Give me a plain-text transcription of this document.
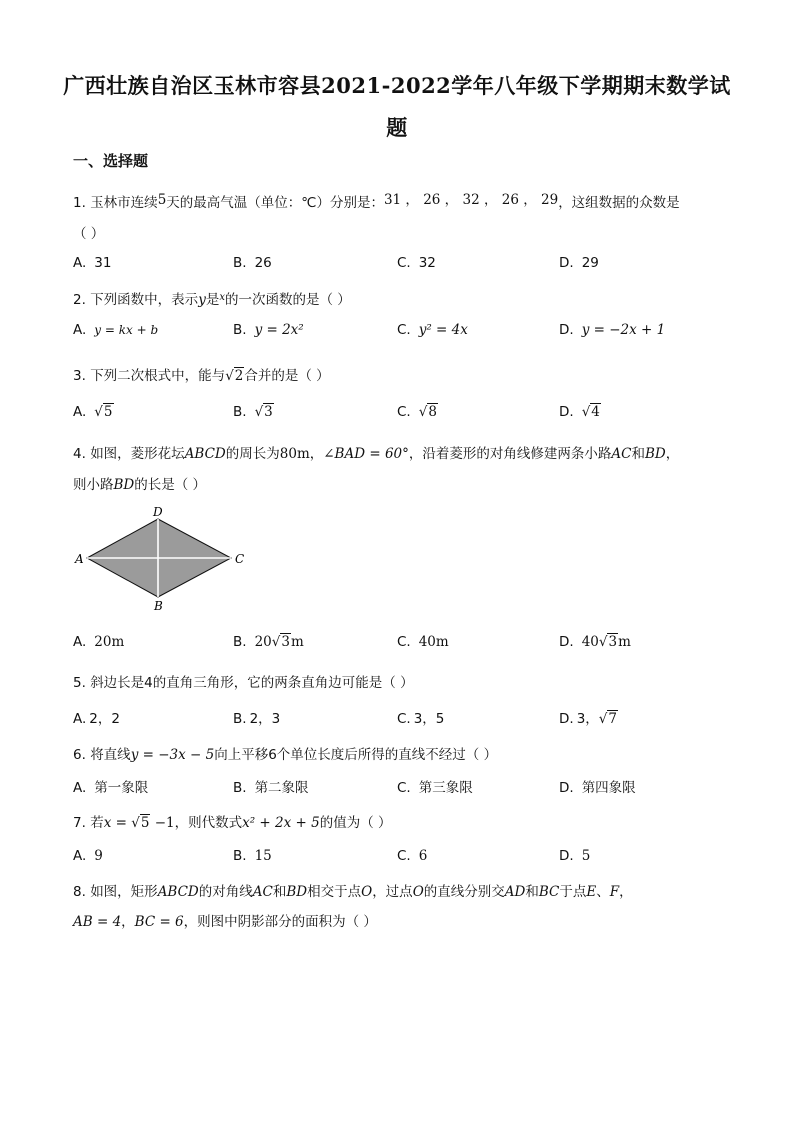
广西壮族自治区玉林市容县2021-2022学年八年级下学期期末数学试
题
一、选择题
1. 玉林市连续5天的最高气温（单位：℃）分别是：31 ， 26 ， 32 ， 26 ， 29，这组数据的众数是
（ ）
A. 31	B. 26	C. 32	D. 29
2. 下列函数中，表示y是$^x$的一次函数的是（ ）
A. y = kx + b	B. y = 2x²	C. y² = 4x	D. y = −2x + 1
3. 下列二次根式中，能与√2合并的是（ ）
A. √5	B. √3	C. √8	D. √4
4. 如图，菱形花坛ABCD的周长为80m，∠BAD = 60°，沿着菱形的对角线修建两条小路AC和BD，
则小路BD的长是（ ）
A
D
C
B
A. 20m	B. 20√3m	C. 40m	D. 40√3m
5. 斜边长是4的直角三角形，它的两条直角边可能是（ ）
A. 2，2	B. 2，3	C. 3，5	D. 3，√7
6. 将直线y = −3x − 5向上平移6个单位长度后所得的直线不经过（ ）
A. 第一象限	B. 第二象限	C. 第三象限	D. 第四象限
7. 若x = √5 −1，则代数式x² + 2x + 5的值为（ ）
A. 9	B. 15	C. 6	D. 5
8. 如图，矩形ABCD的对角线AC和BD相交于点O，过点O的直线分别交AD和BC于点E、F，
AB = 4，BC = 6，则图中阴影部分的面积为（ ）
